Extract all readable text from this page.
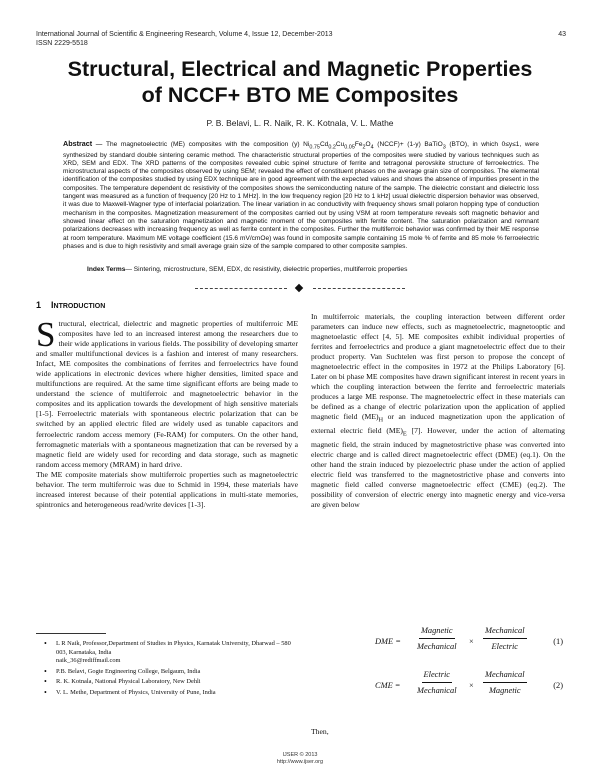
International Journal of Scientific & Engineering Research, Volume 4, Issue 12, December-2013
ISSN 2229-5518
43
Structural, Electrical and Magnetic Properties
of NCCF+ BTO ME Composites
P. B. Belavi, L. R. Naik, R. K. Kotnala, V. L. Mathe
Abstract — The magnetoelectric (ME) composites with the composition (y) $Ni_{0.75}Cd_{0.2}Cu_{0.05}Fe_2O_4$ (NCCF)+ (1-y) BaTiO$_3$ (BTO), in which 0≤y≤1, were synthesized by standard double sintering ceramic method. The characteristic structural properties of the composites were studied by various techniques such as XRD, SEM and EDX. The XRD patterns of the composites revealed cubic spinel structure of ferrite and tetragonal perovskite structure of ferroelectrics. The microstructural aspects of the composites observed by using SEM; revealed the effect of constituent phases on the average grain size of composites. The elemental identification of the composites studied by using EDX technique are in good agreement with the expected values and shows the absence of impurities present in the composites. The temperature dependent dc resistivity of the composites shows the semiconducting nature of the sample. The dielectric constant and dielectric loss tangent was measured as a function of frequency [20 Hz to 1 MHz]. In the low frequency region [20 Hz to 1 kHz] usual dielectric dispersion behavior was observed, it was due to Maxwell-Wagner type of interfacial polarization. The linear variation in ac conductivity with frequency shows small polaron hopping type of conduction mechanism in the composites. Magnetization measurement of the composites carried out by using VSM at room temperature reveals soft magnetic behavior and showed linear effect on the saturation magnetization and magnetic moment of the composites with ferrite content. The saturation polarization and remnant polarizations decreases with increasing frequency as well as ferrite content in the composites. Further the multiferroic behavior was confirmed by their ME response at room temperature. Maximum ME voltage coefficient (15.6 mV/cmOe) was found in composite sample containing 15 mole % of ferrite and 85 mole % ferroelectric phases and is due to high resistivity and small average grain size of the sample compared to other composite samples.
Index Terms— Sintering, microstructure, SEM, EDX, dc resistivity, dielectric properties, multiferroic properties
1 INTRODUCTION

Structural, electrical, dielectric and magnetic properties of multiferroic ME composites have led to an increased interest among the researchers due to their wide applications in various fields. The possibility of developing smarter and smaller multifunctional devices is a fashion and interest of many researchers. Infact, ME composites the combinations of ferrites and ferroelectrics have found wide applications in electronic devices where higher densities, limited space and multifunctions are required. At the same time significant efforts are being made to understand the science of multiferroic and magnetoelectric behavior in the composites and its application towards the development of high sensitive materials [1-5]. Ferroelectric materials with spontaneous electric polarization that can be switched by an applied electric filed are widely used as tunable capacitors and ferroelectric random access memory (Fe-RAM) for computers. On the other hand, ferromagnetic materials with a spontaneous magnetization that can be reversed by a magnetic field are widely used for recording and data storage, such as magnetic random access memory (MRAM) in hard drive.

The ME composite materials show multiferroic properties such as magnetoelectric behavior. The term multiferroic was due to Schmid in 1994, these materials have increased interest because of their potential applications in multi-state memories, spintronics and heterogeneous read/write devices [1-3].

• L R Naik, Professor,Department of Studies in Physics, Karnatak University, Dharwad – 580 003, Karnataka, India
naik_36@rediffmail.com
• P.B. Belavi, Gogte Engineering College, Belgaum, India
• R. K. Kotnala, National Physical Laboratory, New Dehli
• V. L. Methe, Department of Physics, University of Pune, India

In multiferroic materials, the coupling interaction between different order parameters can induce new effects, such as magnetoelectric, magnetooptic and magnetoelastic effect [4, 5]. ME composites exhibit individual properties of ferrites and ferroelectrics and produce a giant magnetoelectric effect due to their product property. Van Suchtelen was first person to propose the concept of magnetoelectric effect in the composites in 1972 at the Philips Laboratory [6]. Later on bi phase ME composites have drawn significant interest in recent years in which the coupling interaction between the ferrite and ferroelectric materials produces a large ME response. The magnetoelectric effect in these materials can be defined as a change of electric polarization upon the application of applied magnetic field $(ME)_H$ or an induced magnetization upon the application of external electric field $(ME)_E$ [7]. However, under the action of alternating magnetic field, the strain induced by magnetostrictive phase was converted into electric charge and is called direct magnetoelectric effect (DME) (eq.1). On the other hand the strain induced by piezoelectric phase under the action of applied electric field was transferred to the magnetostrictive phase and converts into magnetic field called converse magnetoelectric effect (CME) (eq.2). The possibility of conversion of electric energy into magnetic energy and vice-versa are given below

DME =
Magnetic
Mechanical
×
Mechanical
Electric
(1)
CME =
Electric
Mechanical
×
Mechanical
Magnetic
(2)
Then,
IJSER © 2013
http://www.ijser.org
